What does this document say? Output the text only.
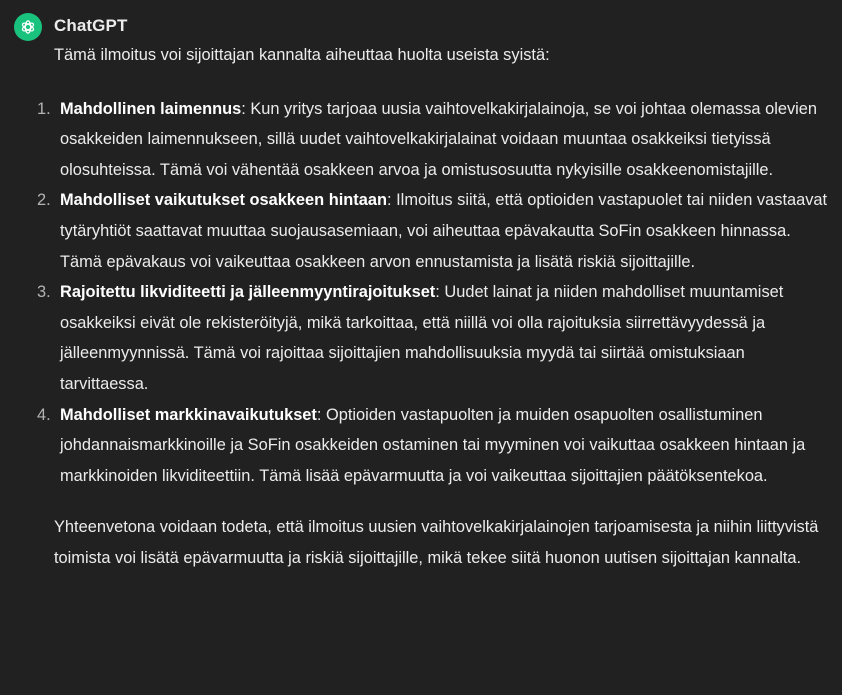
ChatGPT

Tämä ilmoitus voi sijoittajan kannalta aiheuttaa huolta useista syistä:

1. Mahdollinen laimennus: Kun yritys tarjoaa uusia vaihtovelkakirjalainoja, se voi johtaa olemassa olevien osakkeiden laimennukseen, sillä uudet vaihtovelkakirjalainat voidaan muuntaa osakkeiksi tietyissä olosuhteissa. Tämä voi vähentää osakkeen arvoa ja omistusosuutta nykyisille osakkeenomistajille.
2. Mahdolliset vaikutukset osakkeen hintaan: Ilmoitus siitä, että optioiden vastapuolet tai niiden vastaavat tytäryhtiöt saattavat muuttaa suojausasemiaan, voi aiheuttaa epävakautta SoFin osakkeen hinnassa. Tämä epävakaus voi vaikeuttaa osakkeen arvon ennustamista ja lisätä riskiä sijoittajille.
3. Rajoitettu likviditeetti ja jälleenmyyntirajoitukset: Uudet lainat ja niiden mahdolliset muuntamiset osakkeiksi eivät ole rekisteröityjä, mikä tarkoittaa, että niillä voi olla rajoituksia siirrettävyydessä ja jälleenmyynnissä. Tämä voi rajoittaa sijoittajien mahdollisuuksia myydä tai siirtää omistuksiaan tarvittaessa.
4. Mahdolliset markkinavaikutukset: Optioiden vastapuolten ja muiden osapuolten osallistuminen johdannaismarkkinoille ja SoFin osakkeiden ostaminen tai myyminen voi vaikuttaa osakkeen hintaan ja markkinoiden likviditeettiin. Tämä lisää epävarmuutta ja voi vaikeuttaa sijoittajien päätöksentekoa.

Yhteenvetona voidaan todeta, että ilmoitus uusien vaihtovelkakirjalainojen tarjoamisesta ja niihin liittyvistä toimista voi lisätä epävarmuutta ja riskiä sijoittajille, mikä tekee siitä huonon uutisen sijoittajan kannalta.
